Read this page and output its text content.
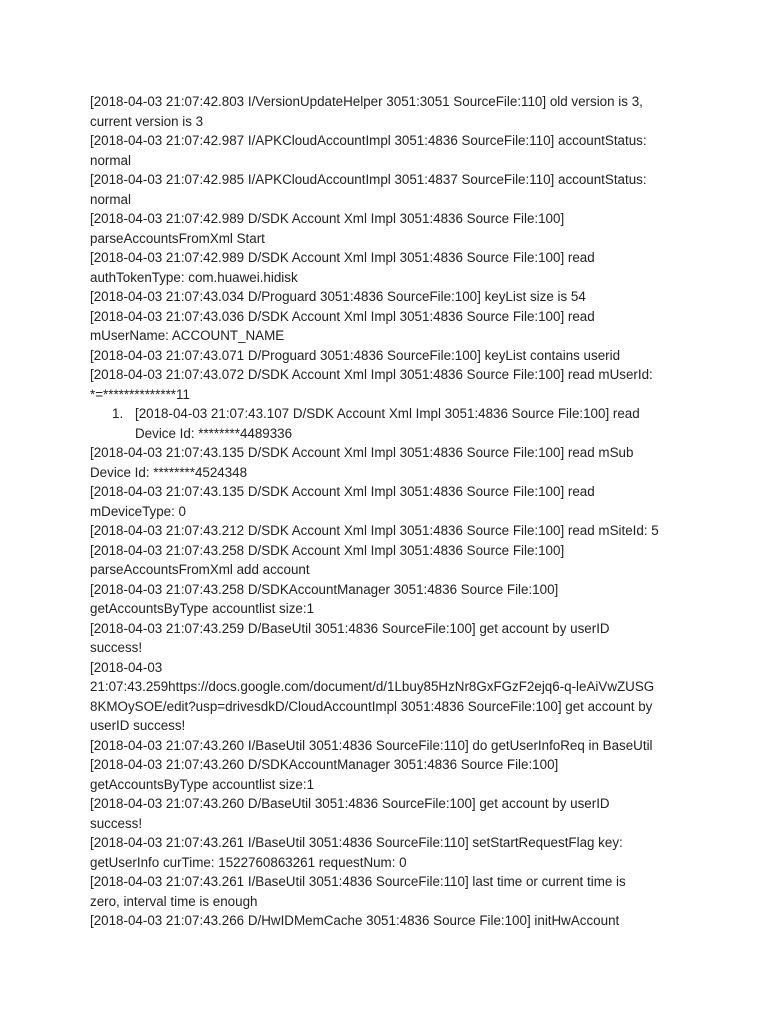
[2018-04-03 21:07:42.803 I/VersionUpdateHelper 3051:3051 SourceFile:110] old version is 3,
current version is 3
[2018-04-03 21:07:42.987 I/APKCloudAccountImpl 3051:4836 SourceFile:110] accountStatus:
normal
[2018-04-03 21:07:42.985 I/APKCloudAccountImpl 3051:4837 SourceFile:110] accountStatus:
normal
[2018-04-03 21:07:42.989 D/SDK Account Xml Impl 3051:4836 Source File:100]
parseAccountsFromXml Start
[2018-04-03 21:07:42.989 D/SDK Account Xml Impl 3051:4836 Source File:100] read
authTokenType: com.huawei.hidisk
[2018-04-03 21:07:43.034 D/Proguard 3051:4836 SourceFile:100] keyList size is 54
[2018-04-03 21:07:43.036 D/SDK Account Xml Impl 3051:4836 Source File:100] read
mUserName: ACCOUNT_NAME
[2018-04-03 21:07:43.071 D/Proguard 3051:4836 SourceFile:100] keyList contains userid
[2018-04-03 21:07:43.072 D/SDK Account Xml Impl 3051:4836 Source File:100] read mUserId:
*=**************11
1. [2018-04-03 21:07:43.107 D/SDK Account Xml Impl 3051:4836 Source File:100] read
Device Id: ********4489336
[2018-04-03 21:07:43.135 D/SDK Account Xml Impl 3051:4836 Source File:100] read mSub
Device Id: ********4524348
[2018-04-03 21:07:43.135 D/SDK Account Xml Impl 3051:4836 Source File:100] read
mDeviceType: 0
[2018-04-03 21:07:43.212 D/SDK Account Xml Impl 3051:4836 Source File:100] read mSiteId: 5
[2018-04-03 21:07:43.258 D/SDK Account Xml Impl 3051:4836 Source File:100]
parseAccountsFromXml add account
[2018-04-03 21:07:43.258 D/SDKAccountManager 3051:4836 Source File:100]
getAccountsByType accountlist size:1
[2018-04-03 21:07:43.259 D/BaseUtil 3051:4836 SourceFile:100] get account by userID
success!
[2018-04-03
21:07:43.259https://docs.google.com/document/d/1Lbuy85HzNr8GxFGzF2ejq6-q-leAiVwZUSG
8KMOySOE/edit?usp=drivesdkD/CloudAccountImpl 3051:4836 SourceFile:100] get account by
userID success!
[2018-04-03 21:07:43.260 I/BaseUtil 3051:4836 SourceFile:110] do getUserInfoReq in BaseUtil
[2018-04-03 21:07:43.260 D/SDKAccountManager 3051:4836 Source File:100]
getAccountsByType accountlist size:1
[2018-04-03 21:07:43.260 D/BaseUtil 3051:4836 SourceFile:100] get account by userID
success!
[2018-04-03 21:07:43.261 I/BaseUtil 3051:4836 SourceFile:110] setStartRequestFlag key:
getUserInfo curTime: 1522760863261 requestNum: 0
[2018-04-03 21:07:43.261 I/BaseUtil 3051:4836 SourceFile:110] last time or current time is
zero, interval time is enough
[2018-04-03 21:07:43.266 D/HwIDMemCache 3051:4836 Source File:100] initHwAccount
